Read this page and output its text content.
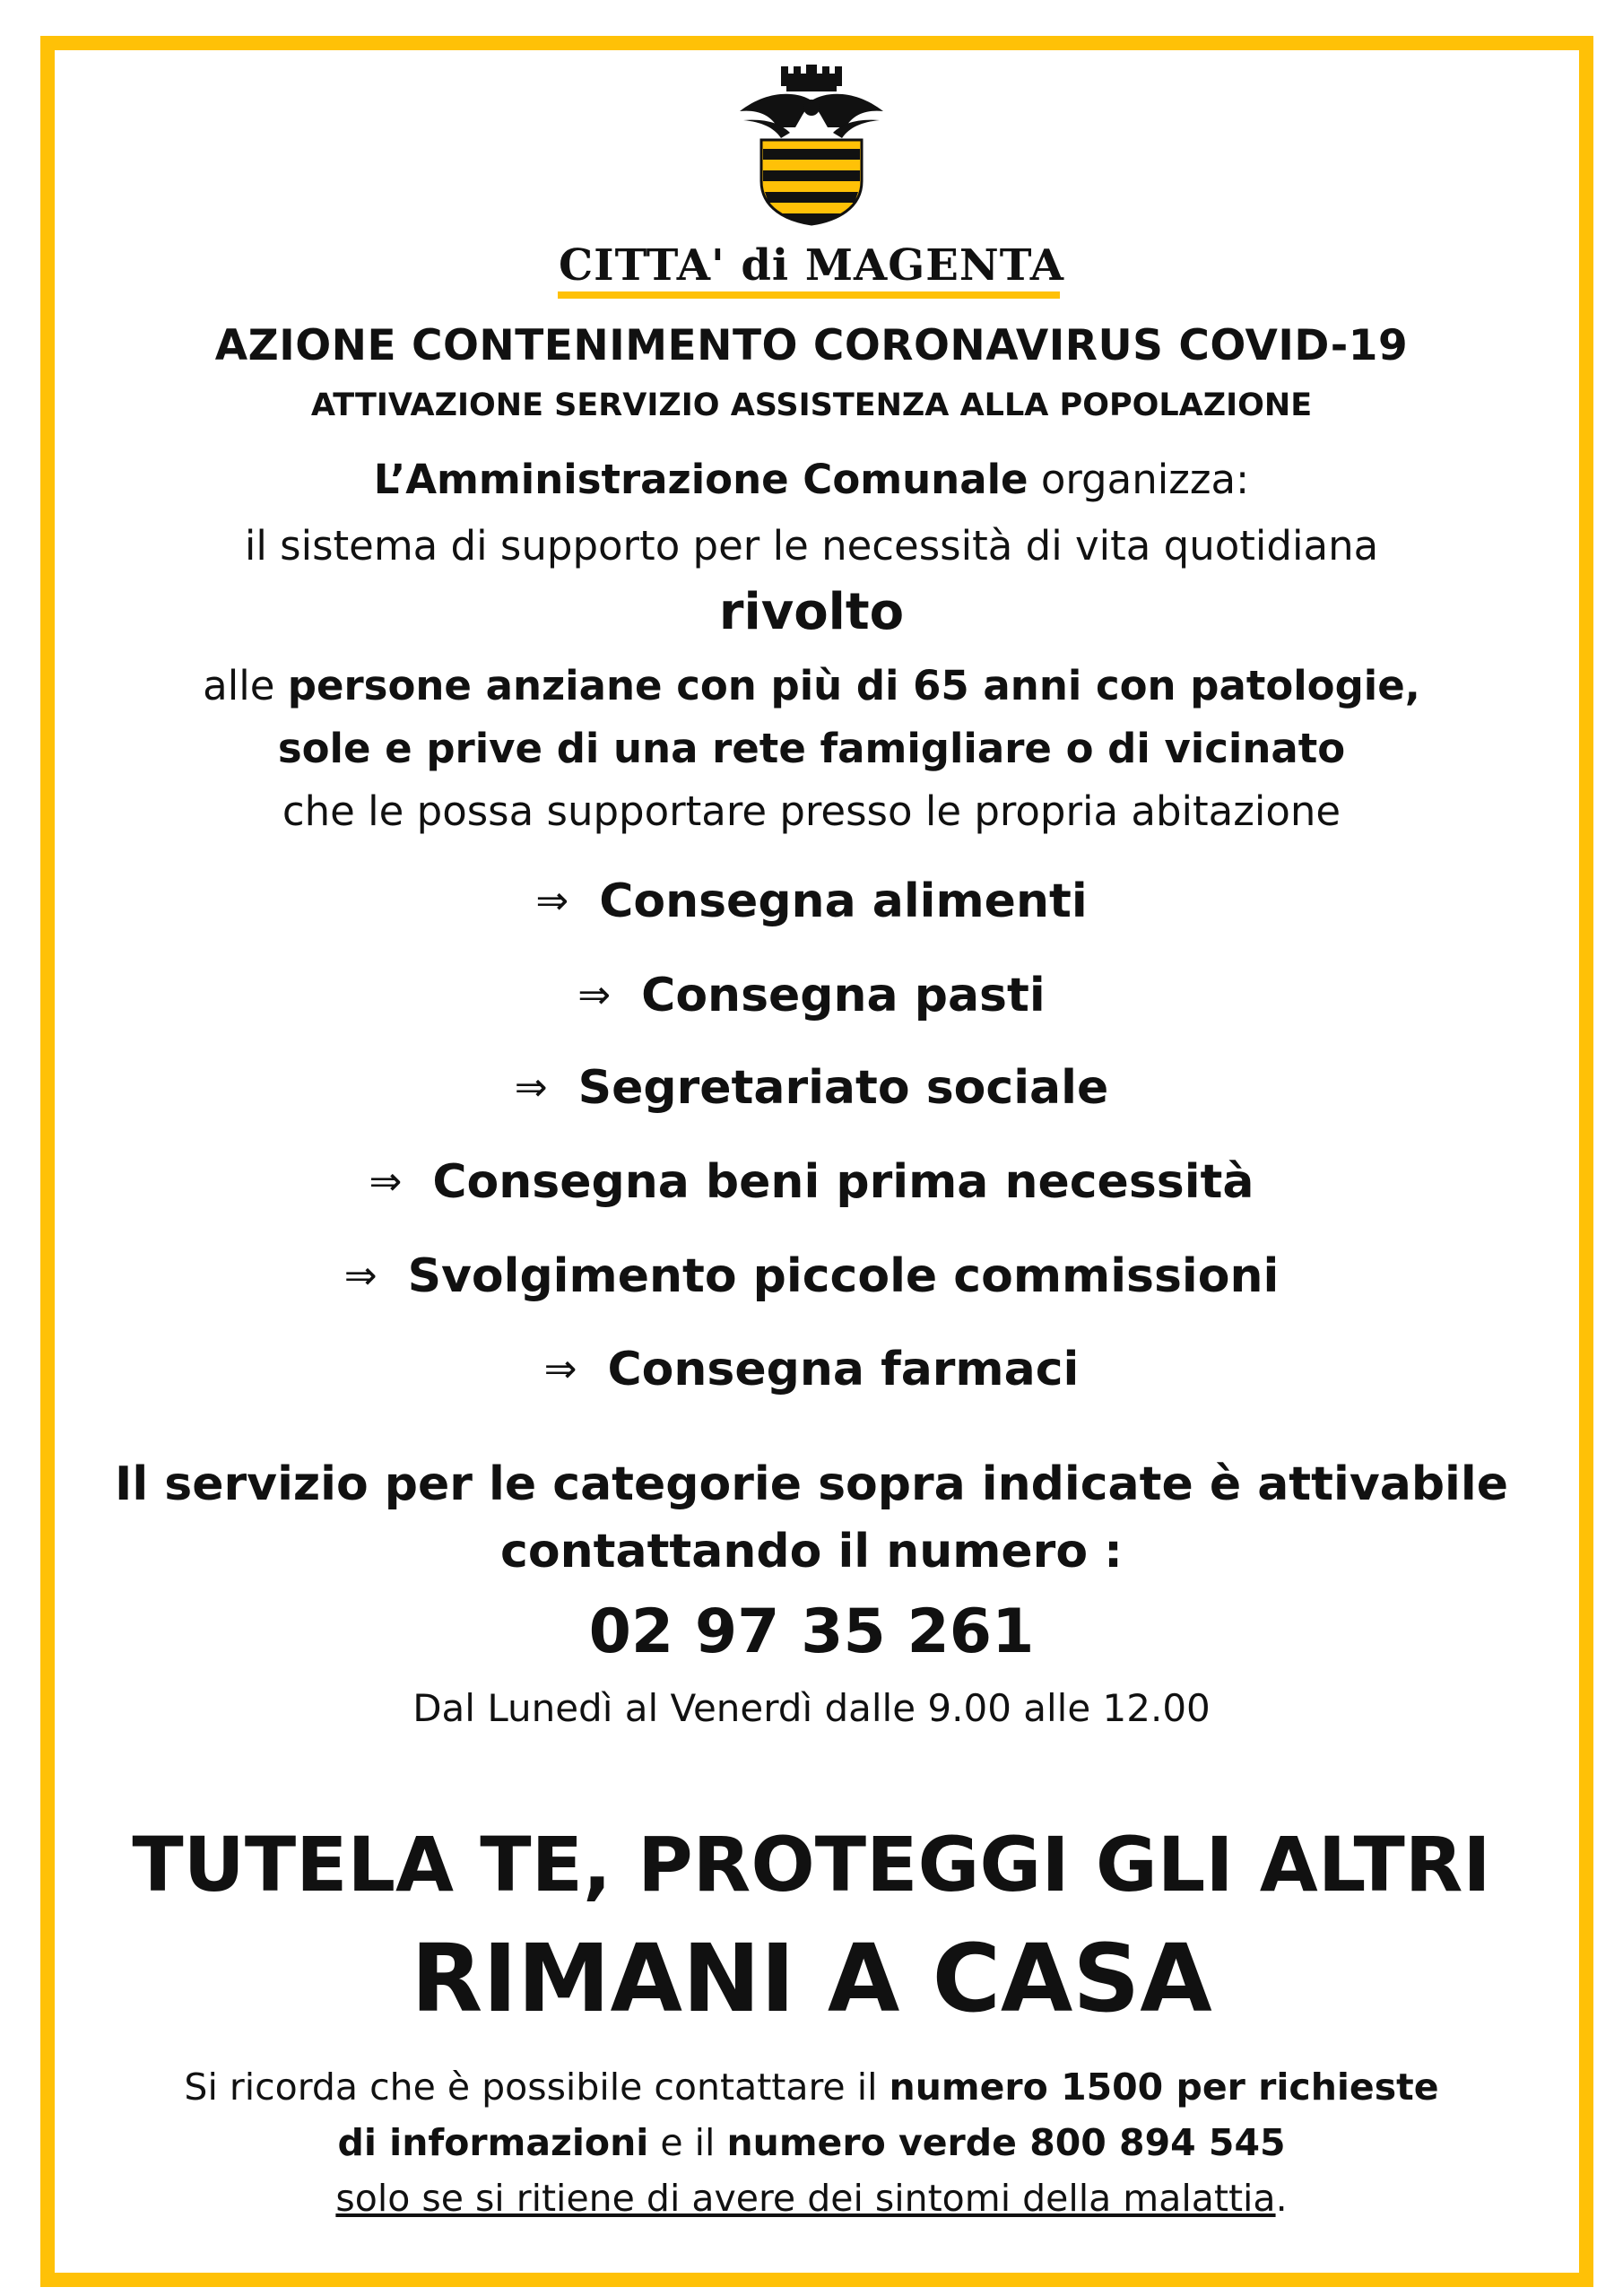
CITTA' di MAGENTA
AZIONE CONTENIMENTO CORONAVIRUS COVID-19
ATTIVAZIONE SERVIZIO ASSISTENZA ALLA POPOLAZIONE
L’Amministrazione Comunale organizza:
il sistema di supporto per le necessità di vita quotidiana
rivolto
alle persone anziane con più di 65 anni con patologie,
sole e prive di una rete famigliare o di vicinato
che le possa supportare presso le propria abitazione
⇒ Consegna alimenti
⇒ Consegna pasti
⇒ Segretariato sociale
⇒ Consegna beni prima necessità
⇒ Svolgimento piccole commissioni
⇒ Consegna farmaci
Il servizio per le categorie sopra indicate è attivabile
contattando il numero :
02 97 35 261
Dal Lunedì al Venerdì dalle 9.00 alle 12.00
TUTELA TE, PROTEGGI GLI ALTRI
RIMANI A CASA
Si ricorda che è possibile contattare il numero 1500 per richieste
di informazioni e il numero verde 800 894 545
solo se si ritiene di avere dei sintomi della malattia.
